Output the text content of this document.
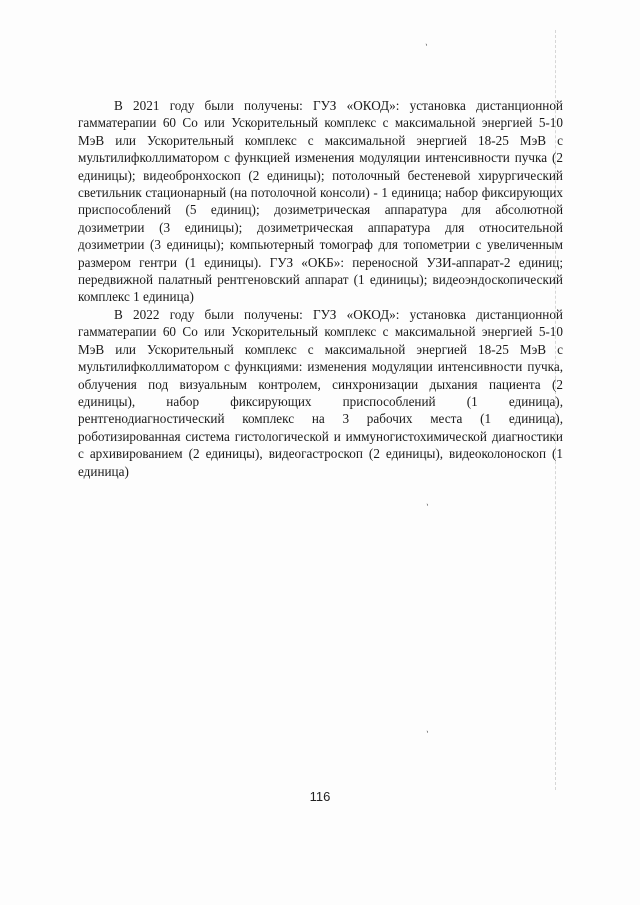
`
`
`

В 2021 году были получены: ГУЗ «ОКОД»: установка дистанционной гамматерапии 60 Со или Ускорительный комплекс с максимальной энергией 5-10 МэВ или Ускорительный комплекс с максимальной энергией 18-25 МэВ с мультилифколлиматором с функцией изменения модуляции интенсивности пучка (2 единицы); видеобронхоскоп (2 единицы); потолочный бестеневой хирургический светильник стационарный (на потолочной консоли) - 1 единица; набор фиксирующих приспособлений (5 единиц); дозиметрическая аппаратура для абсолютной дозиметрии (3 единицы); дозиметрическая аппаратура для относительной дозиметрии (3 единицы); компьютерный томограф для топометрии с увеличенным размером гентри (1 единицы). ГУЗ «ОКБ»: переносной УЗИ-аппарат-2 единиц; передвижной палатный рентгеновский аппарат (1 единицы); видеоэндоскопический комплекс 1 единица)

В 2022 году были получены: ГУЗ «ОКОД»: установка дистанционной гамматерапии 60 Со или Ускорительный комплекс с максимальной энергией 5-10 МэВ или Ускорительный комплекс с максимальной энергией 18-25 МэВ с мультилифколлиматором с функциями: изменения модуляции интенсивности пучка, облучения под визуальным контролем, синхронизации дыхания пациента (2 единицы), набор фиксирующих приспособлений (1 единица), рентгенодиагностический комплекс на 3 рабочих места (1 единица), роботизированная система гистологической и иммуногистохимической диагностики с архивированием (2 единицы), видеогастроскоп (2 единицы), видеоколоноскоп (1 единица)

116
